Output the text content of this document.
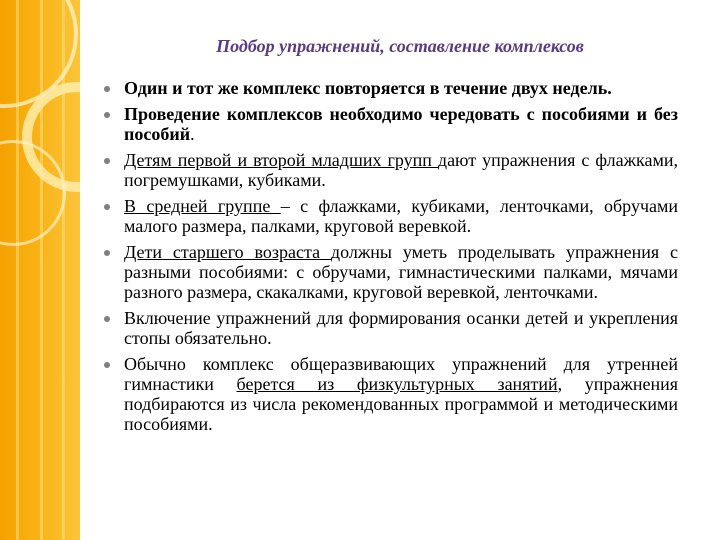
Подбор упражнений, составление комплексов
Один и тот же комплекс повторяется в течение двух недель.
Проведение комплексов необходимо чередовать с пособиями и без пособий.
Детям первой и второй младших групп дают упражнения с флажками, погремушками, кубиками.
В средней группе – с флажками, кубиками, ленточками, обручами малого размера, палками, круговой веревкой.
Дети старшего возраста должны уметь проделывать упражнения с разными пособиями: с обручами, гимнастическими палками, мячами разного размера, скакалками, круговой веревкой, ленточками.
Включение упражнений для формирования осанки детей и укрепления стопы обязательно.
Обычно комплекс общеразвивающих упражнений для утренней гимнастики берется из физкультурных занятий, упражнения подбираются из числа рекомендованных программой и методическими пособиями.
